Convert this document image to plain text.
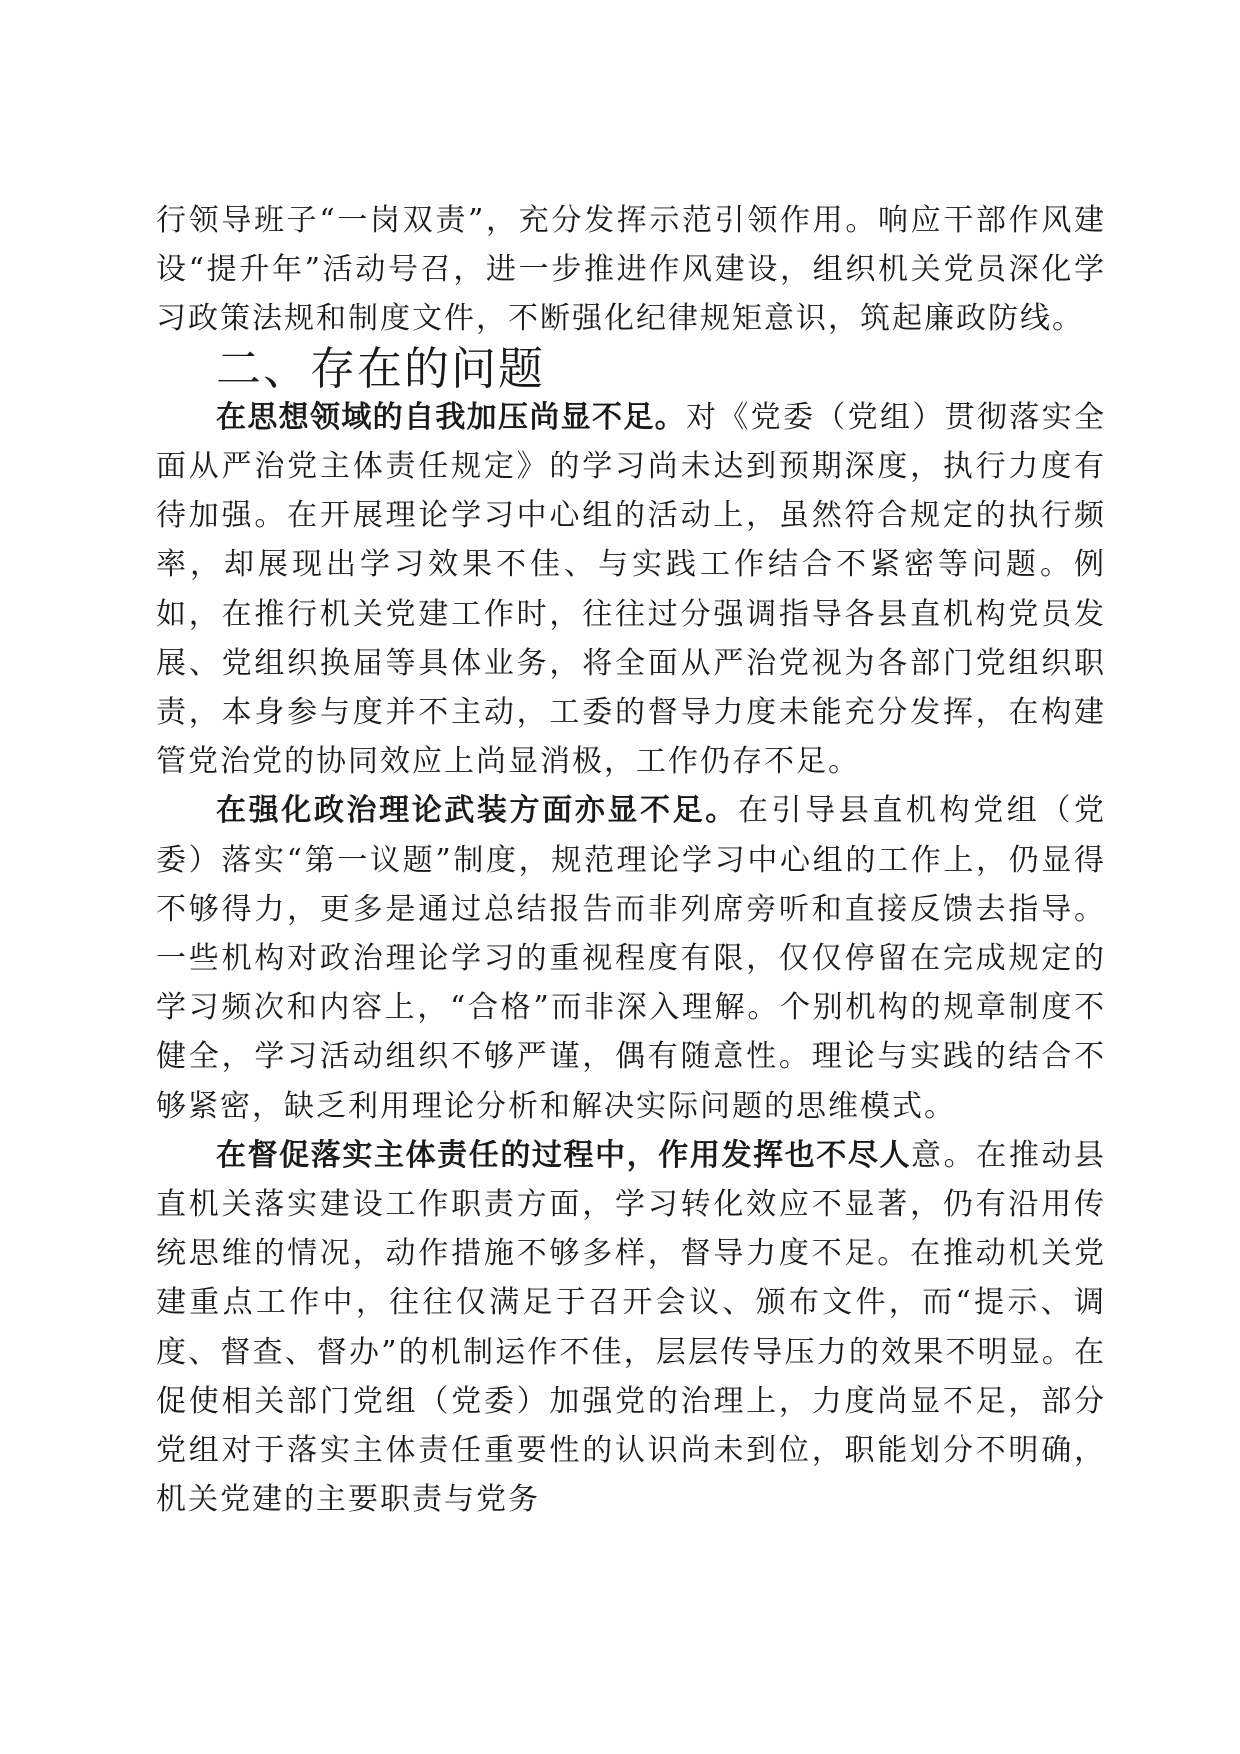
行领导班子“一岗双责”，充分发挥示范引领作用。响应干部作风建设“提升年”活动号召，进一步推进作风建设，组织机关党员深化学习政策法规和制度文件，不断强化纪律规矩意识，筑起廉政防线。

二、存在的问题

在思想领域的自我加压尚显不足。对《党委（党组）贯彻落实全面从严治党主体责任规定》的学习尚未达到预期深度，执行力度有待加强。在开展理论学习中心组的活动上，虽然符合规定的执行频率，却展现出学习效果不佳、与实践工作结合不紧密等问题。例如，在推行机关党建工作时，往往过分强调指导各县直机构党员发展、党组织换届等具体业务，将全面从严治党视为各部门党组织职责，本身参与度并不主动，工委的督导力度未能充分发挥，在构建管党治党的协同效应上尚显消极，工作仍存不足。

在强化政治理论武装方面亦显不足。在引导县直机构党组（党委）落实“第一议题”制度，规范理论学习中心组的工作上，仍显得不够得力，更多是通过总结报告而非列席旁听和直接反馈去指导。一些机构对政治理论学习的重视程度有限，仅仅停留在完成规定的学习频次和内容上，“合格”而非深入理解。个别机构的规章制度不健全，学习活动组织不够严谨，偶有随意性。理论与实践的结合不够紧密，缺乏利用理论分析和解决实际问题的思维模式。

在督促落实主体责任的过程中，作用发挥也不尽人意。在推动县直机关落实建设工作职责方面，学习转化效应不显著，仍有沿用传统思维的情况，动作措施不够多样，督导力度不足。在推动机关党建重点工作中，往往仅满足于召开会议、颁布文件，而“提示、调度、督查、督办”的机制运作不佳，层层传导压力的效果不明显。在促使相关部门党组（党委）加强党的治理上，力度尚显不足，部分党组对于落实主体责任重要性的认识尚未到位，职能划分不明确，机关党建的主要职责与党务
